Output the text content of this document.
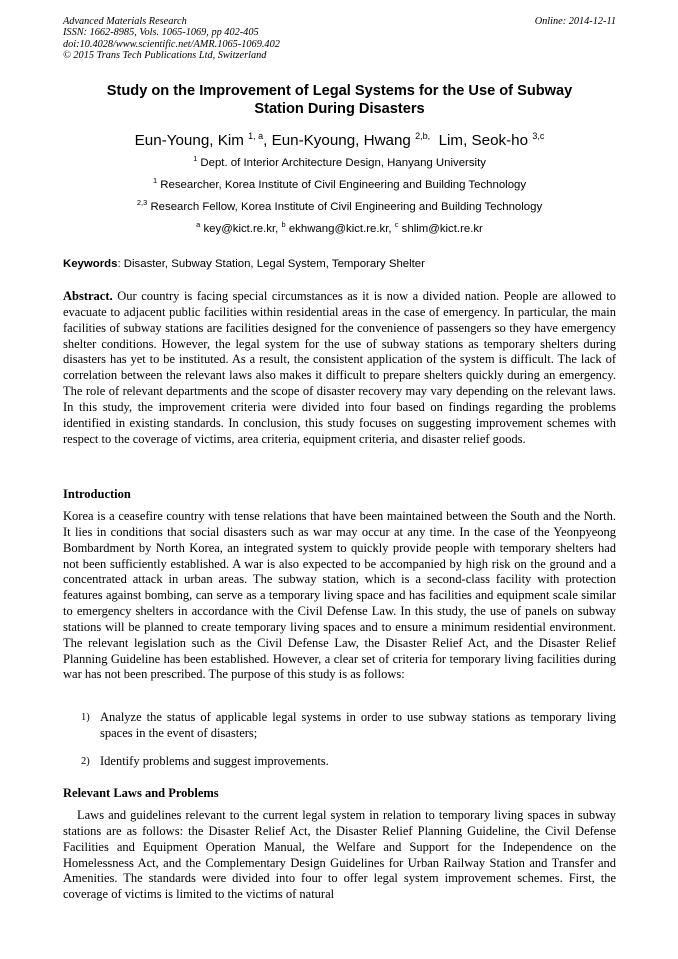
Advanced Materials Research
ISSN: 1662-8985, Vols. 1065-1069, pp 402-405
doi:10.4028/www.scientific.net/AMR.1065-1069.402
© 2015 Trans Tech Publications Ltd, Switzerland
Online: 2014-12-11
Study on the Improvement of Legal Systems for the Use of Subway
Station During Disasters
Eun-Young, Kim $^{1, a}$, Eun-Kyoung, Hwang $^{2,b,}$ Lim, Seok-ho $^{3,c}$
$^1$ Dept. of Interior Architecture Design, Hanyang University
$^1$ Researcher, Korea Institute of Civil Engineering and Building Technology
$^{2,3}$ Research Fellow, Korea Institute of Civil Engineering and Building Technology
$^a$ key@kict.re.kr, $^b$ ekhwang@kict.re.kr, $^c$ shlim@kict.re.kr
Keywords: Disaster, Subway Station, Legal System, Temporary Shelter
Abstract. Our country is facing special circumstances as it is now a divided nation. People are allowed to evacuate to adjacent public facilities within residential areas in the case of emergency. In particular, the main facilities of subway stations are facilities designed for the convenience of passengers so they have emergency shelter conditions. However, the legal system for the use of subway stations as temporary shelters during disasters has yet to be instituted. As a result, the consistent application of the system is difficult. The lack of correlation between the relevant laws also makes it difficult to prepare shelters quickly during an emergency. The role of relevant departments and the scope of disaster recovery may vary depending on the relevant laws. In this study, the improvement criteria were divided into four based on findings regarding the problems identified in existing standards. In conclusion, this study focuses on suggesting improvement schemes with respect to the coverage of victims, area criteria, equipment criteria, and disaster relief goods.
Introduction
Korea is a ceasefire country with tense relations that have been maintained between the South and the North. It lies in conditions that social disasters such as war may occur at any time. In the case of the Yeonpyeong Bombardment by North Korea, an integrated system to quickly provide people with temporary shelters had not been sufficiently established. A war is also expected to be accompanied by high risk on the ground and a concentrated attack in urban areas. The subway station, which is a second-class facility with protection features against bombing, can serve as a temporary living space and has facilities and equipment scale similar to emergency shelters in accordance with the Civil Defense Law. In this study, the use of panels on subway stations will be planned to create temporary living spaces and to ensure a minimum residential environment. The relevant legislation such as the Civil Defense Law, the Disaster Relief Act, and the Disaster Relief Planning Guideline has been established. However, a clear set of criteria for temporary living facilities during war has not been prescribed. The purpose of this study is as follows:
1) Analyze the status of applicable legal systems in order to use subway stations as temporary living spaces in the event of disasters;
2) Identify problems and suggest improvements.
Relevant Laws and Problems
Laws and guidelines relevant to the current legal system in relation to temporary living spaces in subway stations are as follows: the Disaster Relief Act, the Disaster Relief Planning Guideline, the Civil Defense Facilities and Equipment Operation Manual, the Welfare and Support for the Independence on the Homelessness Act, and the Complementary Design Guidelines for Urban Railway Station and Transfer and Amenities. The standards were divided into four to offer legal system improvement schemes. First, the coverage of victims is limited to the victims of natural
